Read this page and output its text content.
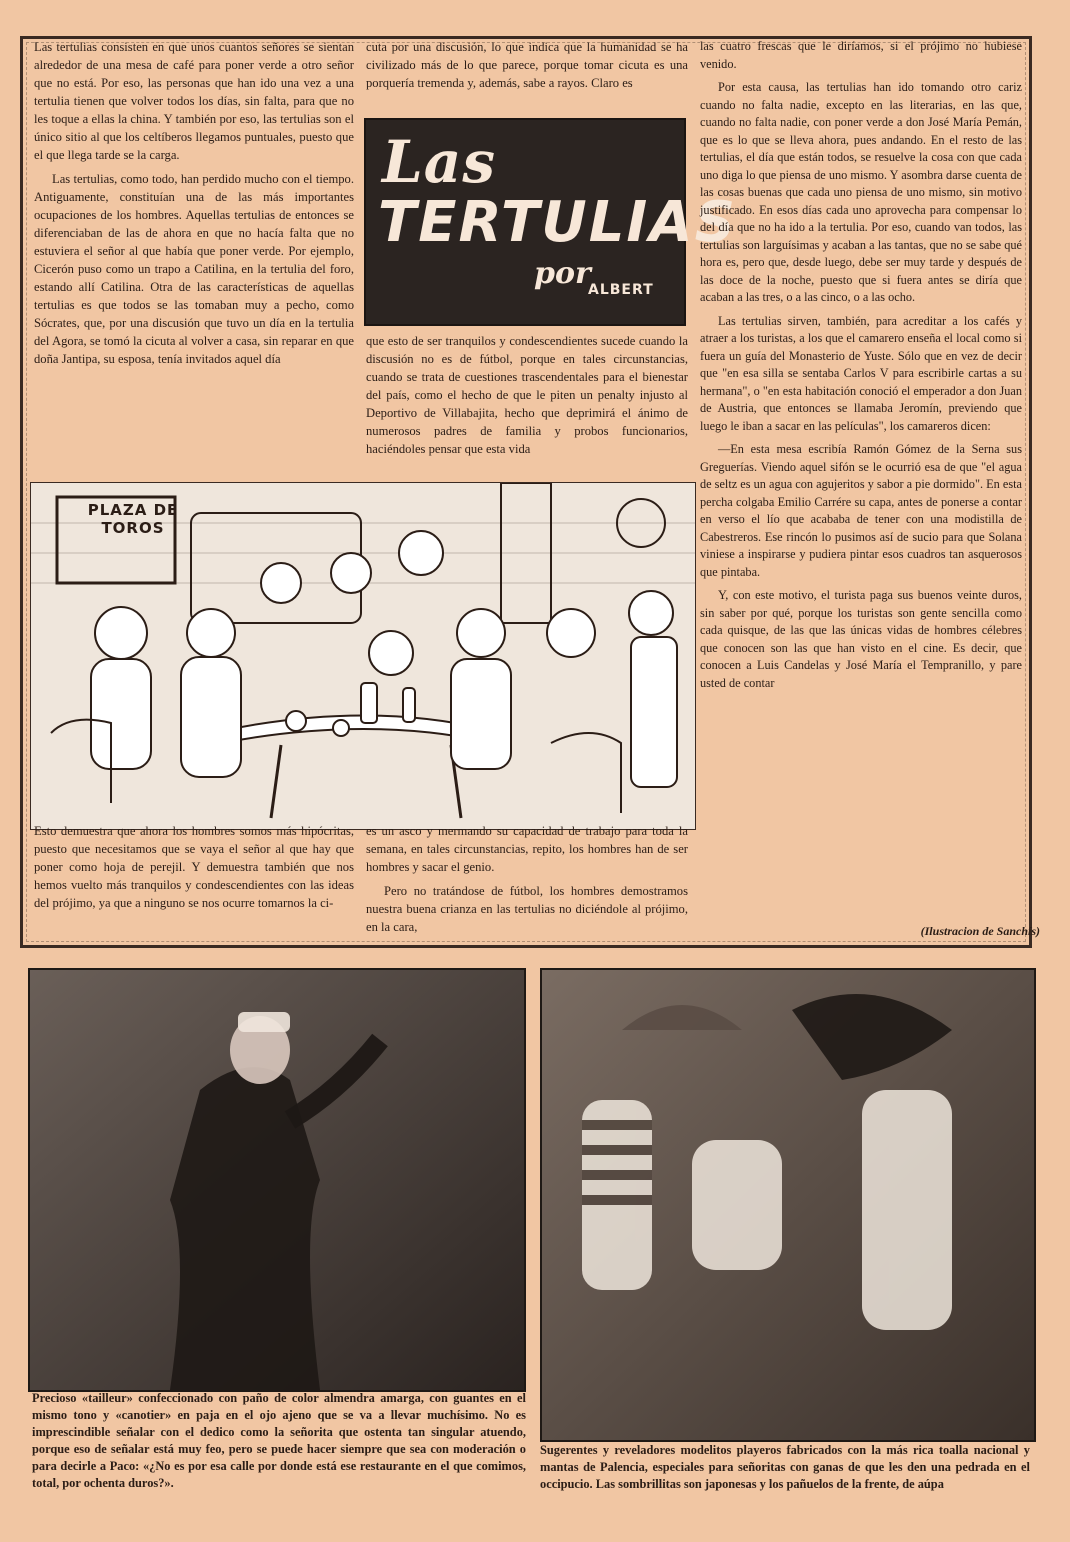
Las tertulias consisten en que unos cuantos señores se sientan alrededor de una mesa de café para poner verde a otro señor que no está. Por eso, las personas que han ido una vez a una tertulia tienen que volver todos los días, sin falta, para que no les toque a ellas la china. Y también por eso, las tertulias son el único sitio al que los celtíberos llegamos puntuales, puesto que el que llega tarde se la carga.

Las tertulias, como todo, han perdido mucho con el tiempo. Antiguamente, constituían una de las más importantes ocupaciones de los hombres. Aquellas tertulias de entonces se diferenciaban de las de ahora en que no hacía falta que no estuviera el señor al que había que poner verde. Por ejemplo, Cicerón puso como un trapo a Catilina, en la tertulia del foro, estando allí Catilina. Otra de las características de aquellas tertulias es que todos se las tomaban muy a pecho, como Sócrates, que, por una discusión que tuvo un día en la tertulia del Agora, se tomó la cicuta al volver a casa, sin reparar en que doña Jantipa, su esposa, tenía invitados aquel día

cuta por una discusión, lo que indica que la humanidad se ha civilizado más de lo que parece, porque tomar cicuta es una porquería tremenda y, además, sabe a rayos. Claro es

Las
TERTULIAS
por
ALBERT

que esto de ser tranquilos y condescendientes sucede cuando la discusión no es de fútbol, porque en tales circunstancias, cuando se trata de cuestiones trascendentales para el bienestar del país, como el hecho de que le piten un penalty injusto al Deportivo de Villabajita, hecho que deprimirá el ánimo de numerosos padres de familia y probos funcionarios, haciéndoles pensar que esta vida

las cuatro frescas que le diríamos, si el prójimo no hubiese venido.

Por esta causa, las tertulias han ido tomando otro cariz cuando no falta nadie, excepto en las literarias, en las que, cuando no falta nadie, con poner verde a don José María Pemán, que es lo que se lleva ahora, pues andando. En el resto de las tertulias, el día que están todos, se resuelve la cosa con que cada uno diga lo que piensa de uno mismo. Y asombra darse cuenta de las cosas buenas que cada uno piensa de uno mismo, sin motivo justificado. En esos días cada uno aprovecha para compensar lo del día que no ha ido a la tertulia. Por eso, cuando van todos, las tertulias son larguísimas y acaban a las tantas, que no se sabe qué hora es, pero que, desde luego, debe ser muy tarde y después de las doce de la noche, puesto que si fuera antes se diría que acaban a las tres, o a las cinco, o a las ocho.

Las tertulias sirven, también, para acreditar a los cafés y atraer a los turistas, a los que el camarero enseña el local como si fuera un guía del Monasterio de Yuste. Sólo que en vez de decir que "en esa silla se sentaba Carlos V para escribirle cartas a su hermana", o "en esta habitación conoció el emperador a don Juan de Austria, que entonces se llamaba Jeromín, previendo que luego le iban a sacar en las películas", los camareros dicen:

—En esta mesa escribía Ramón Gómez de la Serna sus Greguerías. Viendo aquel sifón se le ocurrió esa de que "el agua de seltz es un agua con agujeritos y sabor a pie dormido". En esta percha colgaba Emilio Carrére su capa, antes de ponerse a contar en verso el lío que acababa de tener con una modistilla de Cabestreros. Ese rincón lo pusimos así de sucio para que Solana viniese a inspirarse y pudiera pintar esos cuadros tan asquerosos que pintaba.

Y, con este motivo, el turista paga sus buenos veinte duros, sin saber por qué, porque los turistas son gente sencilla como cada quisque, de las que las únicas vidas de hombres célebres que conocen son las que han visto en el cine. Es decir, que conocen a Luis Candelas y José María el Tempranillo, y pare usted de contar

PLAZA DE
TOROS

Esto demuestra que ahora los hombres somos más hipócritas, puesto que necesitamos que se vaya el señor al que hay que poner como hoja de perejil. Y demuestra también que nos hemos vuelto más tranquilos y condescendientes con las ideas del prójimo, ya que a ninguno se nos ocurre tomarnos la ci-

es un asco y mermando su capacidad de trabajo para toda la semana, en tales circunstancias, repito, los hombres han de ser hombres y sacar el genio.

Pero no tratándose de fútbol, los hombres demostramos nuestra buena crianza en las tertulias no diciéndole al prójimo, en la cara,	(Ilustracion de Sanchís)
Precioso «tailleur» confeccionado con paño de color almendra amarga, con guantes en el mismo tono y «canotier» en paja en el ojo ajeno que se va a llevar muchísimo. No es imprescindible señalar con el dedico como la señorita que ostenta tan singular atuendo, porque eso de señalar está muy feo, pero se puede hacer siempre que sea con moderación o para decirle a Paco: «¿No es por esa calle por donde está ese restaurante en el que comimos, total, por ochenta duros?».
Sugerentes y reveladores modelitos playeros fabricados con la más rica toalla nacional y mantas de Palencia, especiales para señoritas con ganas de que les den una pedrada en el occipucio. Las sombrillitas son japonesas y los pañuelos de la frente, de aúpa
